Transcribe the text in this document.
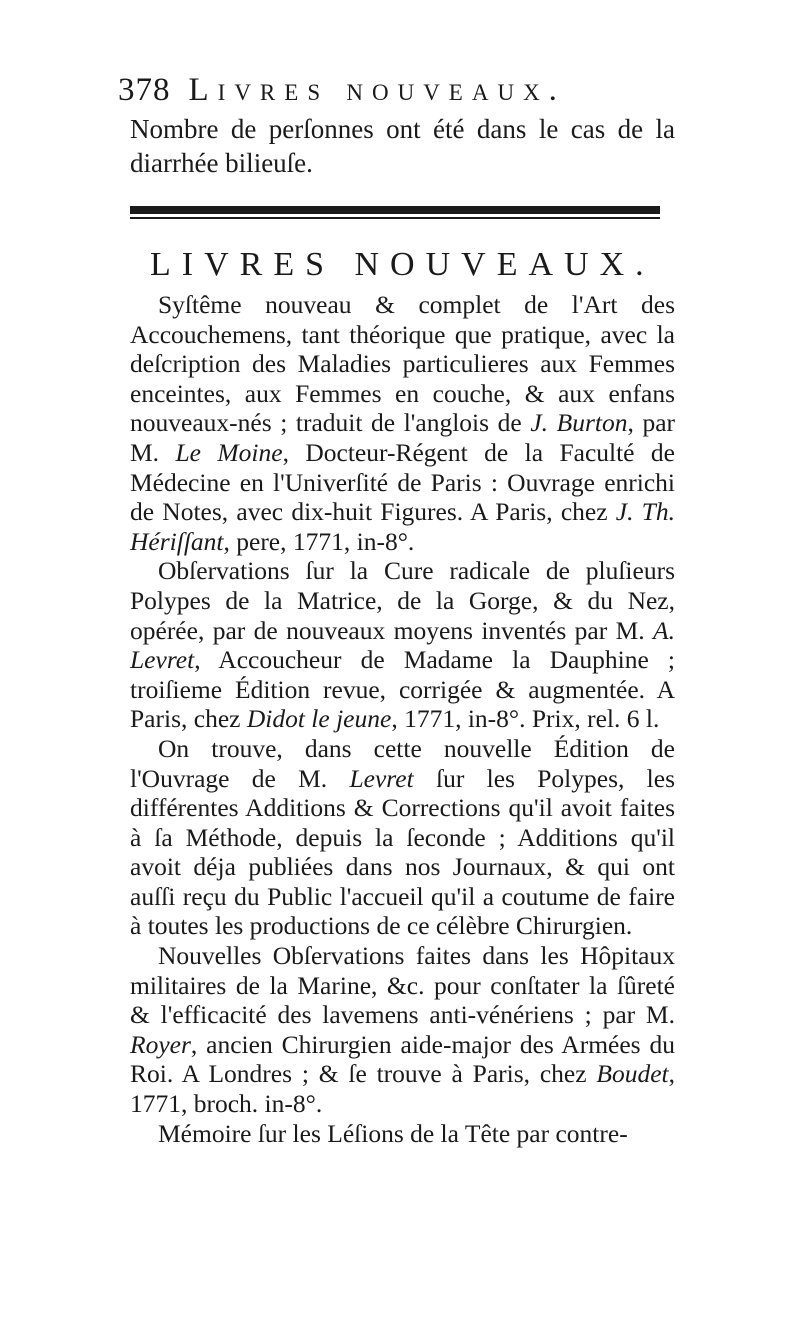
378 Livres nouveaux.

Nombre de perſonnes ont été dans le cas de la diarrhée bilieuſe.

LIVRES NOUVEAUX.

Syſtême nouveau & complet de l'Art des Accouchemens, tant théorique que pratique, avec la deſcription des Maladies particulieres aux Femmes enceintes, aux Femmes en couche, & aux enfans nouveaux-nés ; traduit de l'anglois de J. Burton, par M. Le Moine, Docteur-Régent de la Faculté de Médecine en l'Univerſité de Paris : Ouvrage enrichi de Notes, avec dix-huit Figures. A Paris, chez J. Th. Hériſſant, pere, 1771, in-8°.

Obſervations ſur la Cure radicale de pluſieurs Polypes de la Matrice, de la Gorge, & du Nez, opérée, par de nouveaux moyens inventés par M. A. Levret, Accoucheur de Madame la Dauphine ; troiſieme Édition revue, corrigée & augmentée. A Paris, chez Didot le jeune, 1771, in-8°. Prix, rel. 6 l.

On trouve, dans cette nouvelle Édition de l'Ouvrage de M. Levret ſur les Polypes, les différentes Additions & Corrections qu'il avoit faites à ſa Méthode, depuis la ſeconde ; Additions qu'il avoit déja publiées dans nos Journaux, & qui ont auſſi reçu du Public l'accueil qu'il a coutume de faire à toutes les productions de ce célèbre Chirurgien.

Nouvelles Obſervations faites dans les Hôpitaux militaires de la Marine, &c. pour conſtater la ſûreté & l'efficacité des lavemens anti-vénériens ; par M. Royer, ancien Chirurgien aide-major des Armées du Roi. A Londres ; & ſe trouve à Paris, chez Boudet, 1771, broch. in-8°.

Mémoire ſur les Léſions de la Tête par contre-
